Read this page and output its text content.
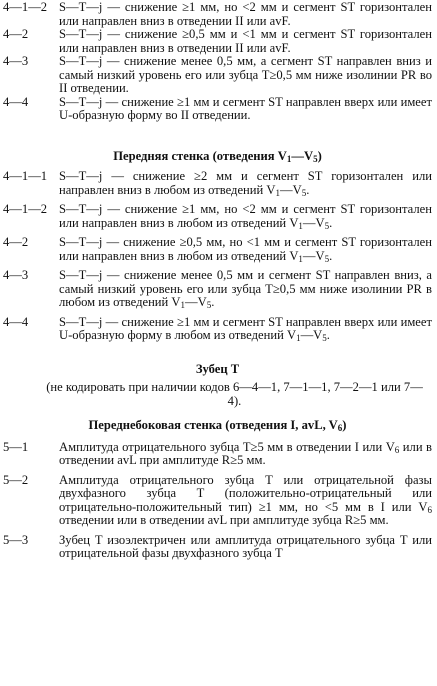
4—1—2 S—T—j — снижение ≥1 мм, но <2 мм и сегмент ST горизонтален или направлен вниз в отведении II или avF.
4—2	S—T—j — снижение ≥0,5 мм и <1 мм и сегмент ST горизонтален или направлен вниз в отведении II или avF.
4—3	S—T—j — снижение менее 0,5 мм, а сегмент ST направлен вниз и самый низкий уровень его или зубца T≥0,5 мм ниже изолинии PR во II отведении.
4—4	S—T—j — снижение ≥1 мм и сегмент ST направлен вверх или имеет U-образную форму во II отведении.
Передняя стенка (отведения $V_1—V_5$)
4—1—1 S—T—j — снижение ≥2 мм и сегмент ST горизонтален или направлен вниз в любом из отведений $V_1—V_5$.
4—1—2 S—T—j — снижение ≥1 мм, но <2 мм и сегмент ST горизонтален или направлен вниз в любом из отведений $V_1—V_5$.
4—2	S—T—j — снижение ≥0,5 мм, но <1 мм и сегмент ST горизонтален или направлен вниз в любом из отведений $V_1—V_5$.
4—3	S—T—j — снижение менее 0,5 мм и сегмент ST направлен вниз, а самый низкий уровень его или зубца T≥0,5 мм ниже изолинии PR в любом из отведений $V_1—V_5$.
4—4	S—T—j — снижение ≥1 мм и сегмент ST направлен вверх или имеет U-образную форму в любом из отведений $V_1—V_5$.
Зубец T
(не кодировать при наличии кодов 6—4—1, 7—1—1, 7—2—1 или 7—4).
Переднебоковая стенка (отведения I, avL, $V_6$)
5—1	Амплитуда отрицательного зубца T≥5 мм в отведении I или $V_6$ или в отведении avL при амплитуде R≥5 мм.
5—2	Амплитуда отрицательного зубца T или отрицательной фазы двухфазного зубца T (положительно-отрицательный или отрицательно-положительный тип) ≥1 мм, но <5 мм в I или $V_6$ отведении или в отведении avL при амплитуде зубца R≥5 мм.
5—3	Зубец T изоэлектричен или амплитуда отрицательного зубца T или отрицательной фазы двухфазного зубца T
